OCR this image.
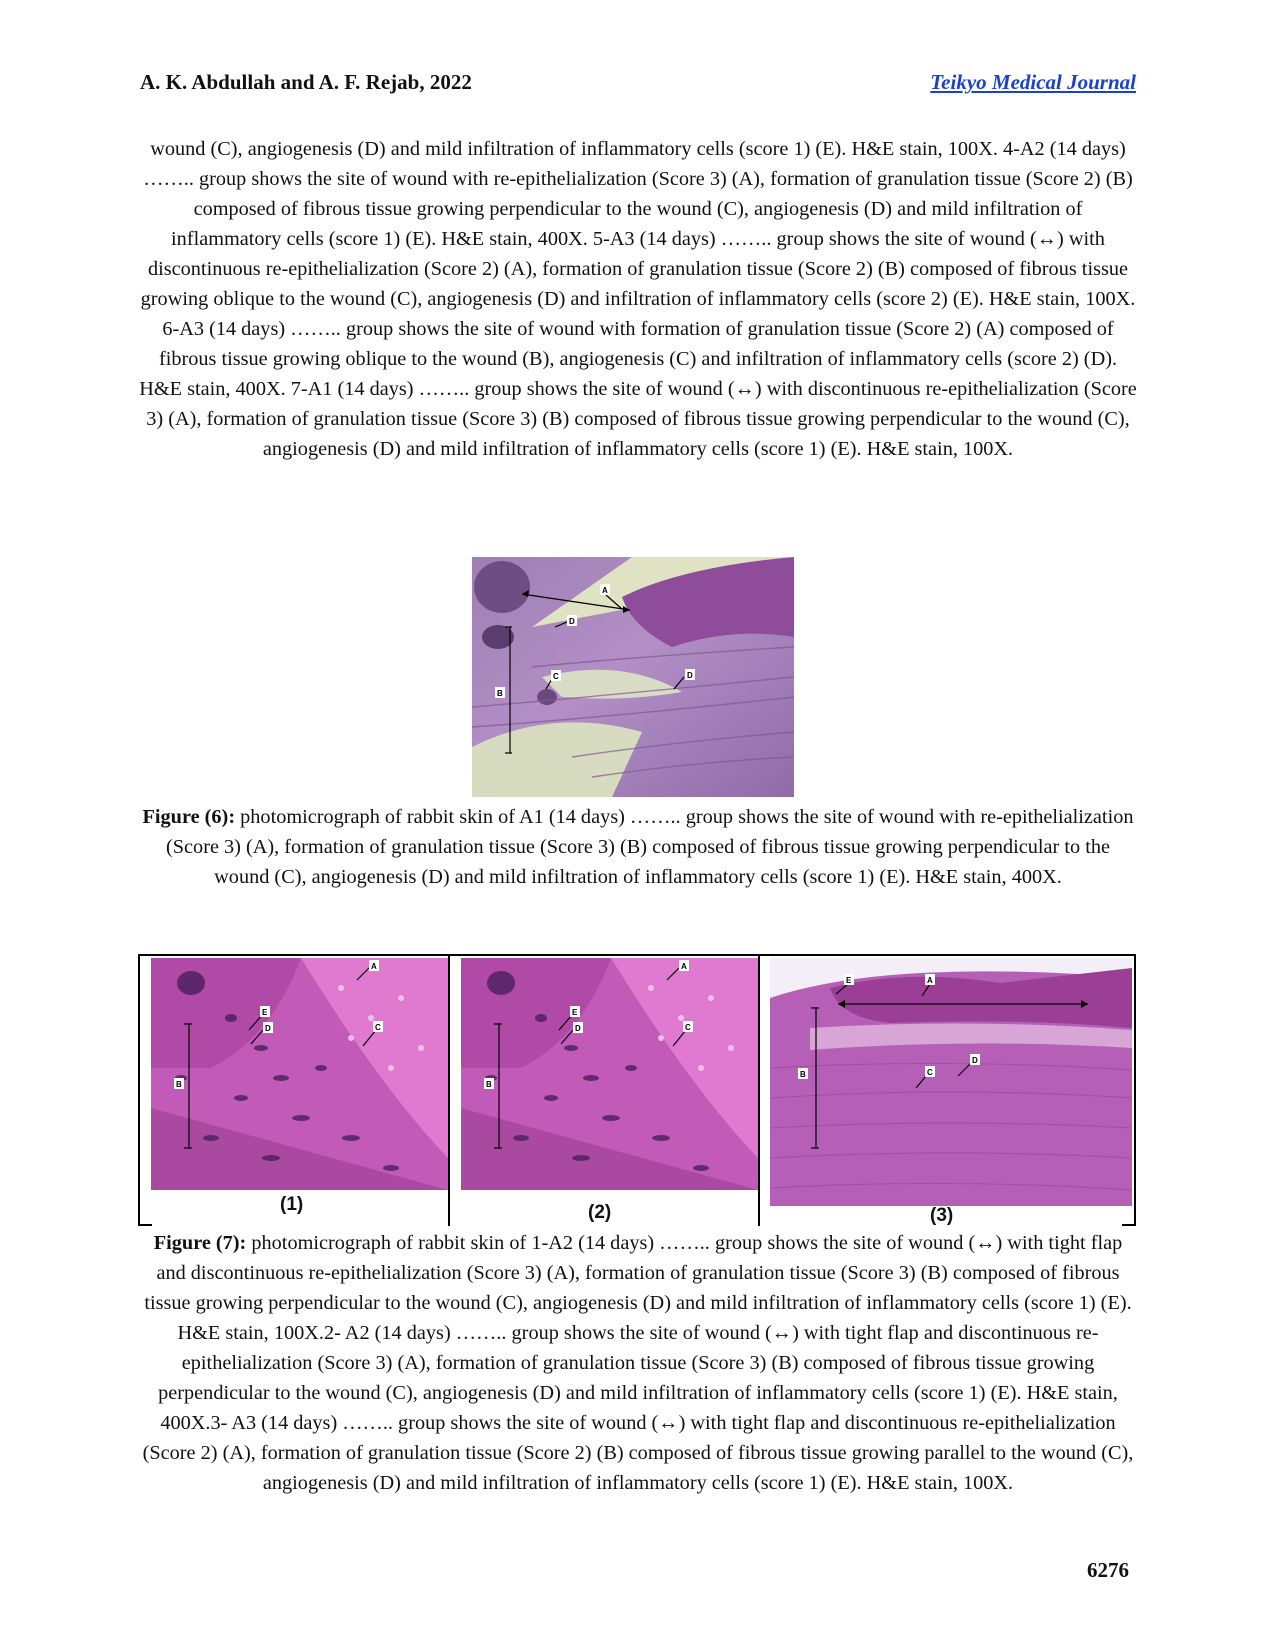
A. K. Abdullah and A. F. Rejab, 2022	Teikyo Medical Journal

wound (C), angiogenesis (D) and mild infiltration of inflammatory cells (score 1) (E). H&E stain, 100X. 4-A2 (14 days) …….. group shows the site of wound with re-epithelialization (Score 3) (A), formation of granulation tissue (Score 2) (B) composed of fibrous tissue growing perpendicular to the wound (C), angiogenesis (D) and mild infiltration of inflammatory cells (score 1) (E). H&E stain, 400X. 5-A3 (14 days) …….. group shows the site of wound (↔) with discontinuous re-epithelialization (Score 2) (A), formation of granulation tissue (Score 2) (B) composed of fibrous tissue growing oblique to the wound (C), angiogenesis (D) and infiltration of inflammatory cells (score 2) (E). H&E stain, 100X. 6-A3 (14 days) …….. group shows the site of wound with formation of granulation tissue (Score 2) (A) composed of fibrous tissue growing oblique to the wound (B), angiogenesis (C) and infiltration of inflammatory cells (score 2) (D). H&E stain, 400X. 7-A1 (14 days) …….. group shows the site of wound (↔) with discontinuous re-epithelialization (Score 3) (A), formation of granulation tissue (Score 3) (B) composed of fibrous tissue growing perpendicular to the wound (C), angiogenesis (D) and mild infiltration of inflammatory cells (score 1) (E). H&E stain, 100X.

A
D
B
C	D

Figure (6): photomicrograph of rabbit skin of A1 (14 days) …….. group shows the site of wound with re-epithelialization (Score 3) (A), formation of granulation tissue (Score 3) (B) composed of fibrous tissue growing perpendicular to the wound (C), angiogenesis (D) and mild infiltration of inflammatory cells (score 1) (E). H&E stain, 400X.

A
E
D
B
C
A
E
D
B
C
E	A
B	C
D
(1)	(2)	(3)

Figure (7): photomicrograph of rabbit skin of 1-A2 (14 days) …….. group shows the site of wound (↔) with tight flap and discontinuous re-epithelialization (Score 3) (A), formation of granulation tissue (Score 3) (B) composed of fibrous tissue growing perpendicular to the wound (C), angiogenesis (D) and mild infiltration of inflammatory cells (score 1) (E). H&E stain, 100X.2- A2 (14 days) …….. group shows the site of wound (↔) with tight flap and discontinuous re-epithelialization (Score 3) (A), formation of granulation tissue (Score 3) (B) composed of fibrous tissue growing perpendicular to the wound (C), angiogenesis (D) and mild infiltration of inflammatory cells (score 1) (E). H&E stain, 400X.3- A3 (14 days) …….. group shows the site of wound (↔) with tight flap and discontinuous re-epithelialization (Score 2) (A), formation of granulation tissue (Score 2) (B) composed of fibrous tissue growing parallel to the wound (C), angiogenesis (D) and mild infiltration of inflammatory cells (score 1) (E). H&E stain, 100X.

6276
